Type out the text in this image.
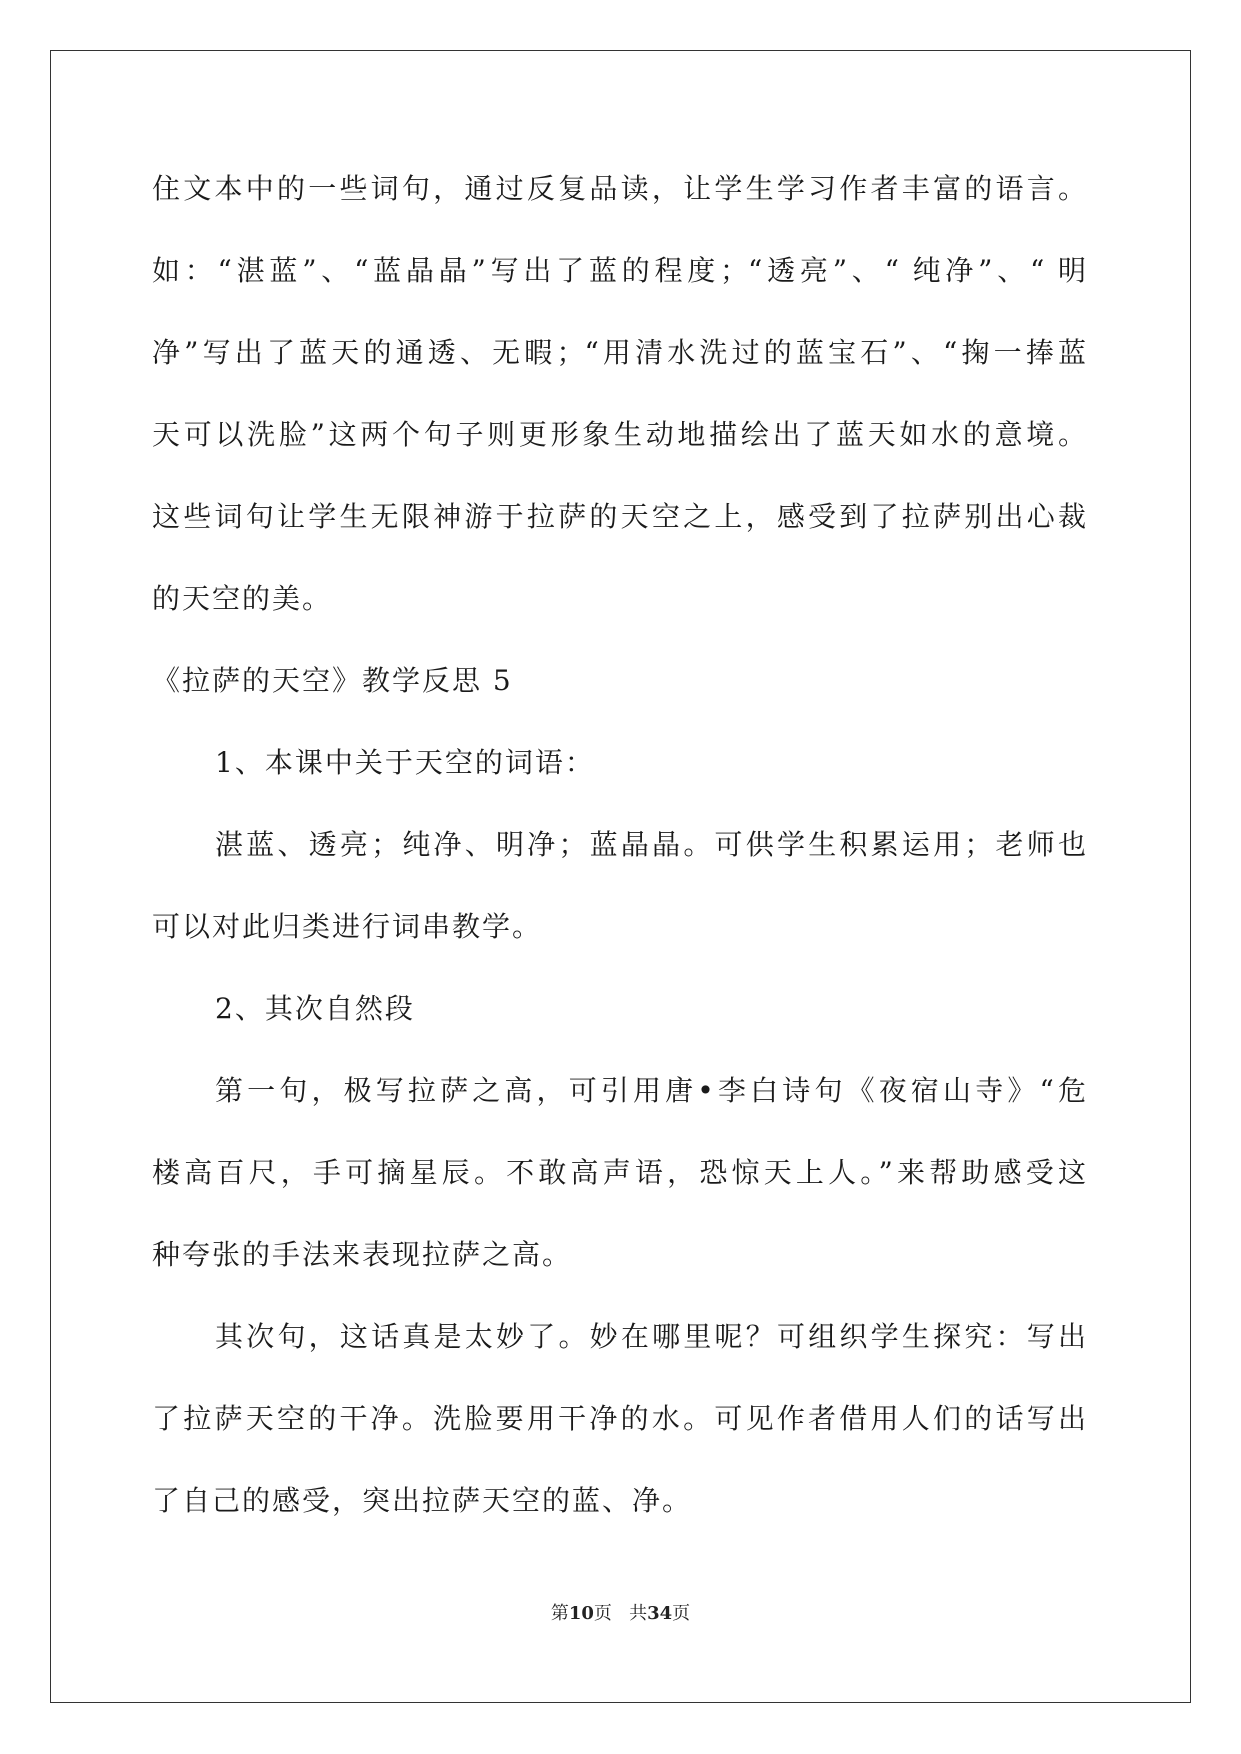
住文本中的一些词句，通过反复品读，让学生学习作者丰富的语言。
如：“湛蓝”、“蓝晶晶”写出了蓝的程度；“透亮”、“ 纯净”、“ 明
净”写出了蓝天的通透、无暇；“用清水洗过的蓝宝石”、“掬一捧蓝
天可以洗脸”这两个句子则更形象生动地描绘出了蓝天如水的意境。
这些词句让学生无限神游于拉萨的天空之上，感受到了拉萨别出心裁
的天空的美。
《拉萨的天空》教学反思 5
1、本课中关于天空的词语：
湛蓝、透亮；纯净、明净；蓝晶晶。可供学生积累运用；老师也
可以对此归类进行词串教学。
2、其次自然段
第一句，极写拉萨之高，可引用唐•李白诗句《夜宿山寺》“危
楼高百尺，手可摘星辰。不敢高声语，恐惊天上人。”来帮助感受这
种夸张的手法来表现拉萨之高。
其次句，这话真是太妙了。妙在哪里呢？可组织学生探究：写出
了拉萨天空的干净。洗脸要用干净的水。可见作者借用人们的话写出
了自己的感受，突出拉萨天空的蓝、净。
第10页 共34页
